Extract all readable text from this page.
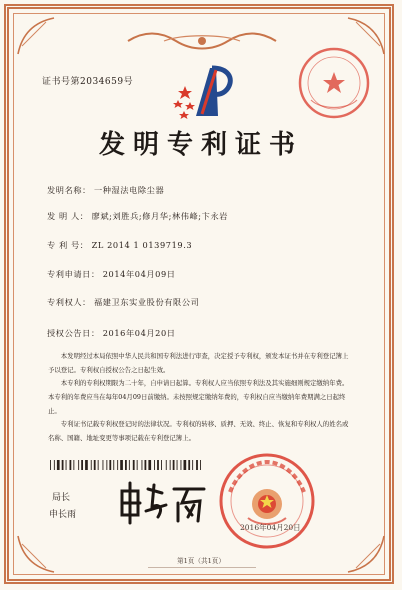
证书号第2034659号
发明专利证书
发明名称： 一种湿法电除尘器
发 明 人： 廖斌;刘胜兵;修月华;林伟峰;卞永岩
专 利 号： ZL 2014 1 0139719.3
专利申请日： 2014年04月09日
专利权人： 福建卫东实业股份有限公司
授权公告日： 2016年04月20日
本发明经过本局依照中华人民共和国专利法进行审查，决定授予专利权，颁发本证书并在专利登记簿上予以登记。专利权自授权公告之日起生效。
本专利的专利权期限为二十年，自申请日起算。专利权人应当依照专利法及其实施细则规定缴纳年费。本专利的年费应当在每年04月09日前缴纳。未按照规定缴纳年费的，专利权自应当缴纳年费期满之日起终止。
专利证书记载专利权登记时的法律状况。专利权的转移、质押、无效、终止、恢复和专利权人的姓名或名称、国籍、地址变更等事项记载在专利登记簿上。
局长
申长雨
2016年04月20日
第1页（共1页）
